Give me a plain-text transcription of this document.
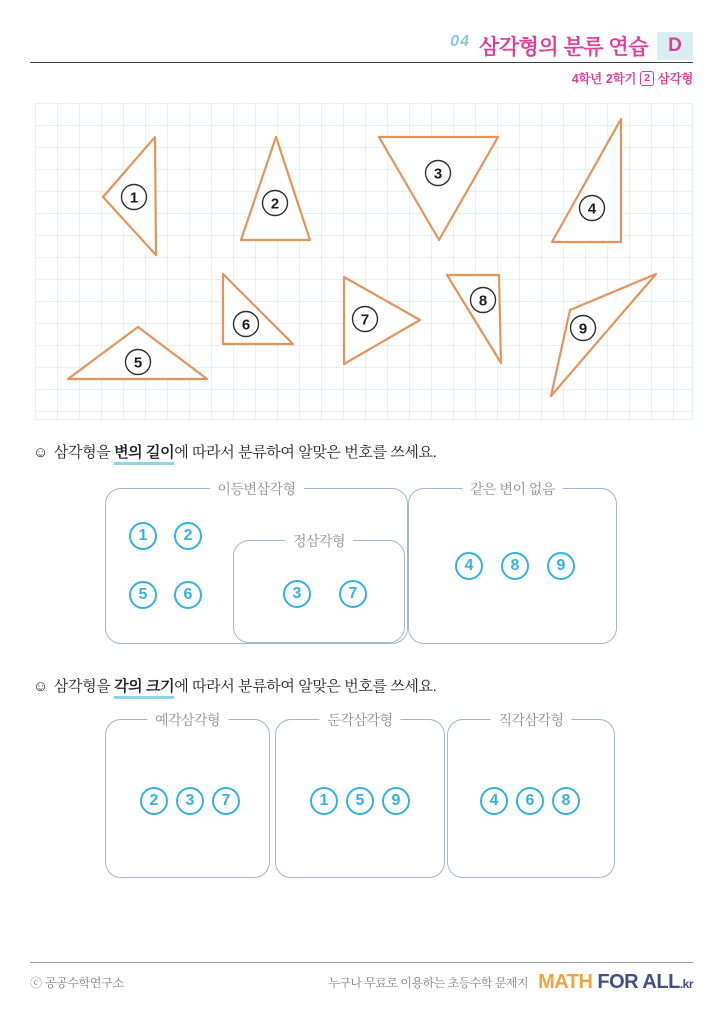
04 삼각형의 분류 연습	D
4학년 2학기 2 삼각형
1	2
3
4
5
6	7
8
9
☺ 삼각형을 변의 길이에 따라서 분류하여 알맞은 번호를 쓰세요.
이등변삼각형
1	2
5	6
같은 변이 없음
4	8	9
정삼각형
3	7
☺ 삼각형을 각의 크기에 따라서 분류하여 알맞은 번호를 쓰세요.
예각삼각형
2	3	7
둔각삼각형
1	5	9
직각삼각형
4	6	8
ⓒ 공공수학연구소	누구나 무료로 이용하는 초등수학 문제지 MATH FOR ALL .kr
